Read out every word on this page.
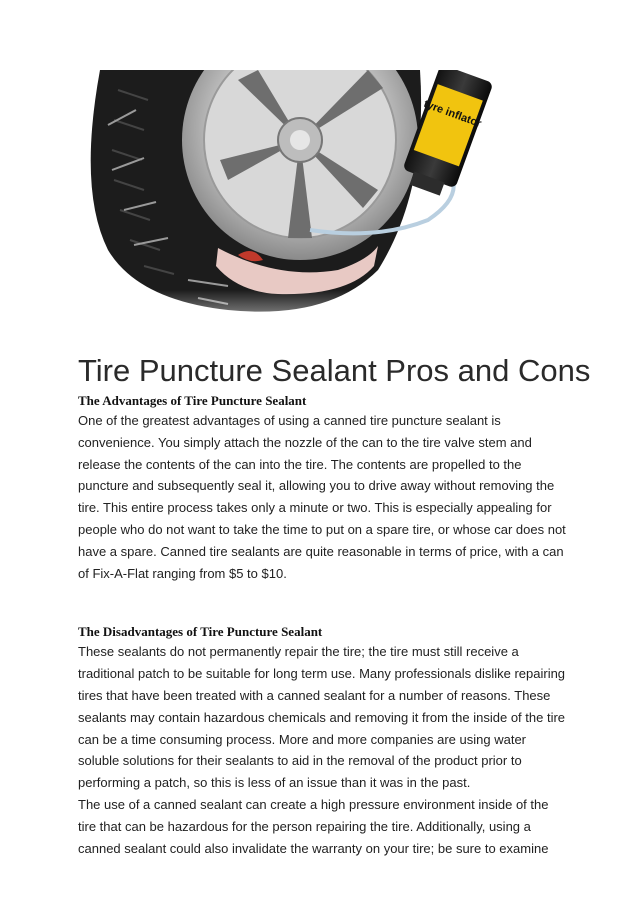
tyre inflator
Tire Puncture Sealant Pros and Cons
The Advantages of Tire Puncture Sealant

One of the greatest advantages of using a canned tire puncture sealant is

convenience. You simply attach the nozzle of the can to the tire valve stem and

release the contents of the can into the tire. The contents are propelled to the

puncture and subsequently seal it, allowing you to drive away without removing the

tire. This entire process takes only a minute or two. This is especially appealing for

people who do not want to take the time to put on a spare tire, or whose car does not

have a spare. Canned tire sealants are quite reasonable in terms of price, with a can

of Fix-A-Flat ranging from $5 to $10.

The Disadvantages of Tire Puncture Sealant

These sealants do not permanently repair the tire; the tire must still receive a

traditional patch to be suitable for long term use. Many professionals dislike repairing

tires that have been treated with a canned sealant for a number of reasons. These

sealants may contain hazardous chemicals and removing it from the inside of the tire

can be a time consuming process. More and more companies are using water

soluble solutions for their sealants to aid in the removal of the product prior to

performing a patch, so this is less of an issue than it was in the past.

The use of a canned sealant can create a high pressure environment inside of the

tire that can be hazardous for the person repairing the tire. Additionally, using a

canned sealant could also invalidate the warranty on your tire; be sure to examine
